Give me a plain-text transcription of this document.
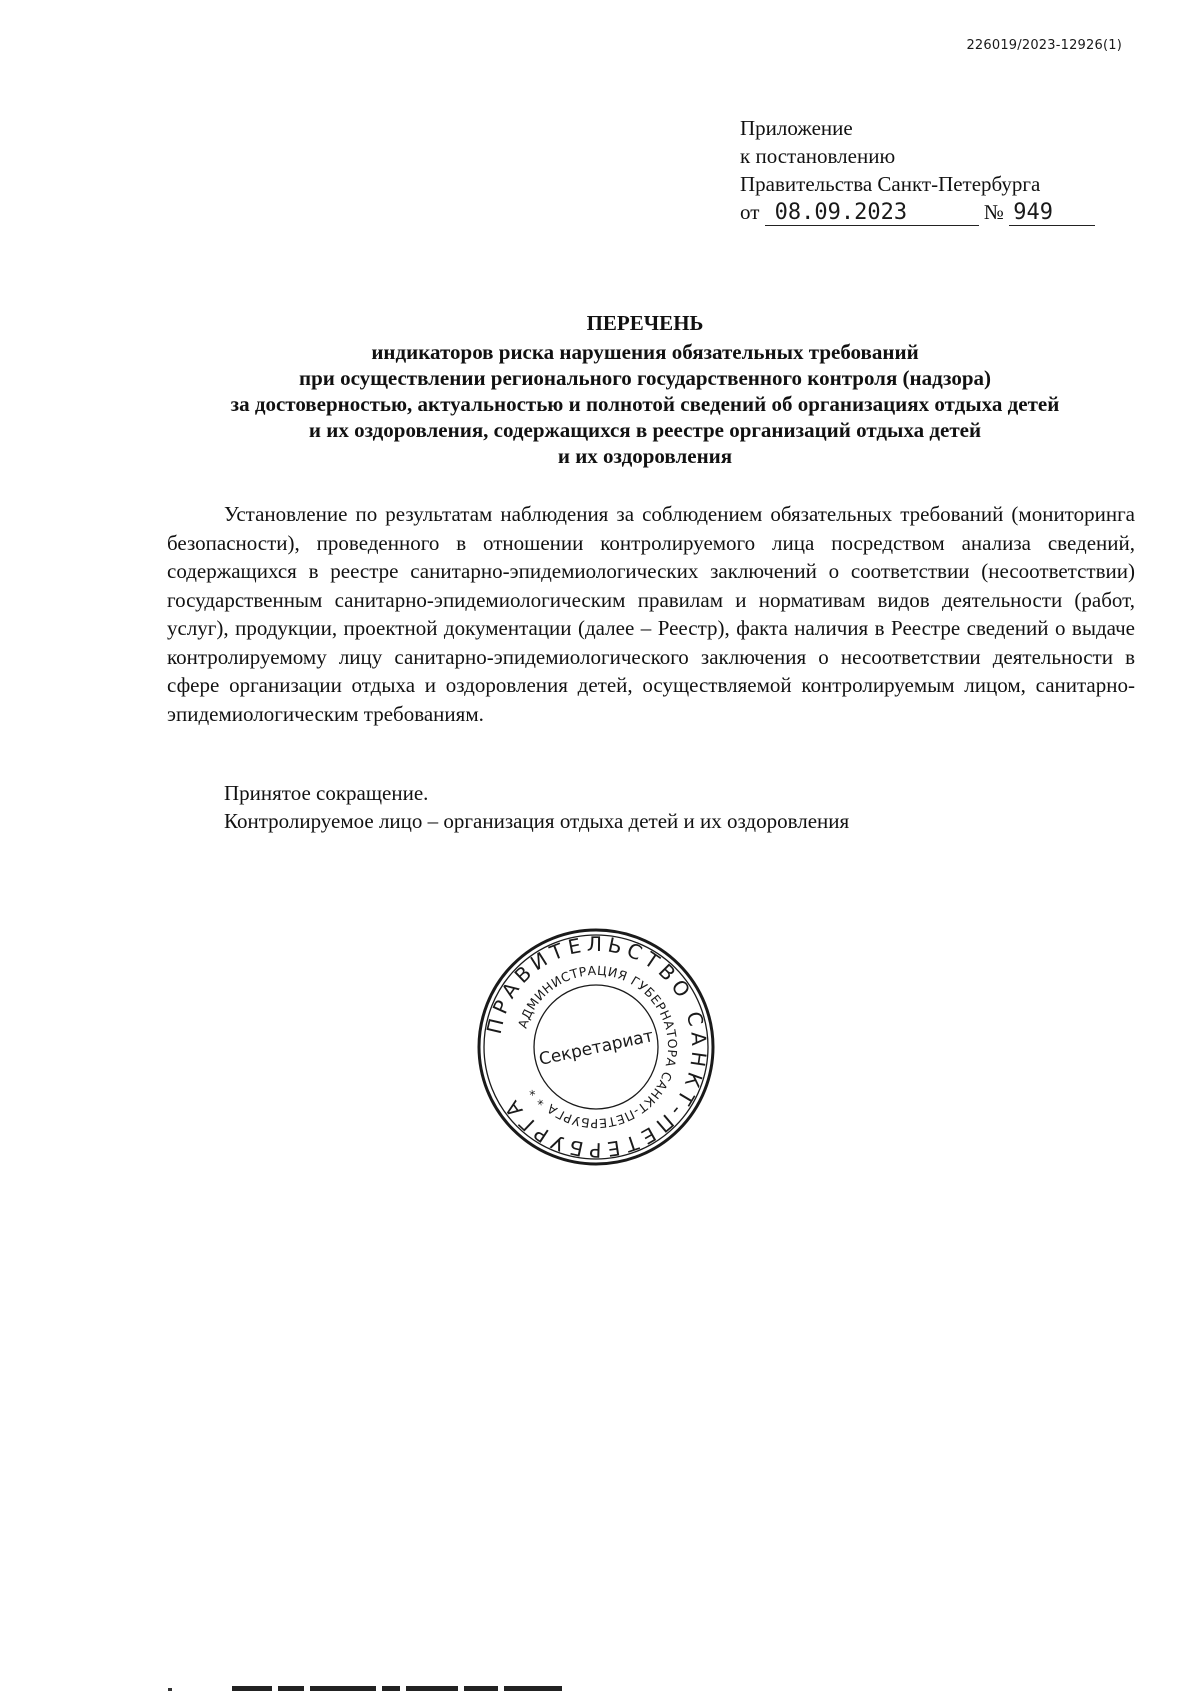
226019/2023-12926(1)
Приложение
к постановлению
Правительства Санкт-Петербурга
от 08.09.2023	№ 949
ПЕРЕЧЕНЬ
индикаторов риска нарушения обязательных требований
при осуществлении регионального государственного контроля (надзора)
за достоверностью, актуальностью и полнотой сведений об организациях отдыха детей
и их оздоровления, содержащихся в реестре организаций отдыха детей
и их оздоровления

Установление по результатам наблюдения за соблюдением обязательных требований (мониторинга безопасности), проведенного в отношении контролируемого лица посредством анализа сведений, содержащихся в реестре санитарно-эпидемиологических заключений о соответствии (несоответствии) государственным санитарно-эпидемиологическим правилам и нормативам видов деятельности (работ, услуг), продукции, проектной документации (далее – Реестр), факта наличия в Реестре сведений о выдаче контролируемому лицу санитарно-эпидемиологического заключения о несоответствии деятельности в сфере организации отдыха и оздоровления детей, осуществляемой контролируемым лицом, санитарно-эпидемиологическим требованиям.

Принятое сокращение.
Контролируемое лицо – организация отдыха детей и их оздоровления
ПРАВИТЕЛЬСТВО САНКТ-ПЕТЕРБУРГА
АДМИНИСТРАЦИЯ ГУБЕРНАТОРА САНКТ-ПЕТЕРБУРГА * *
Секретариат
